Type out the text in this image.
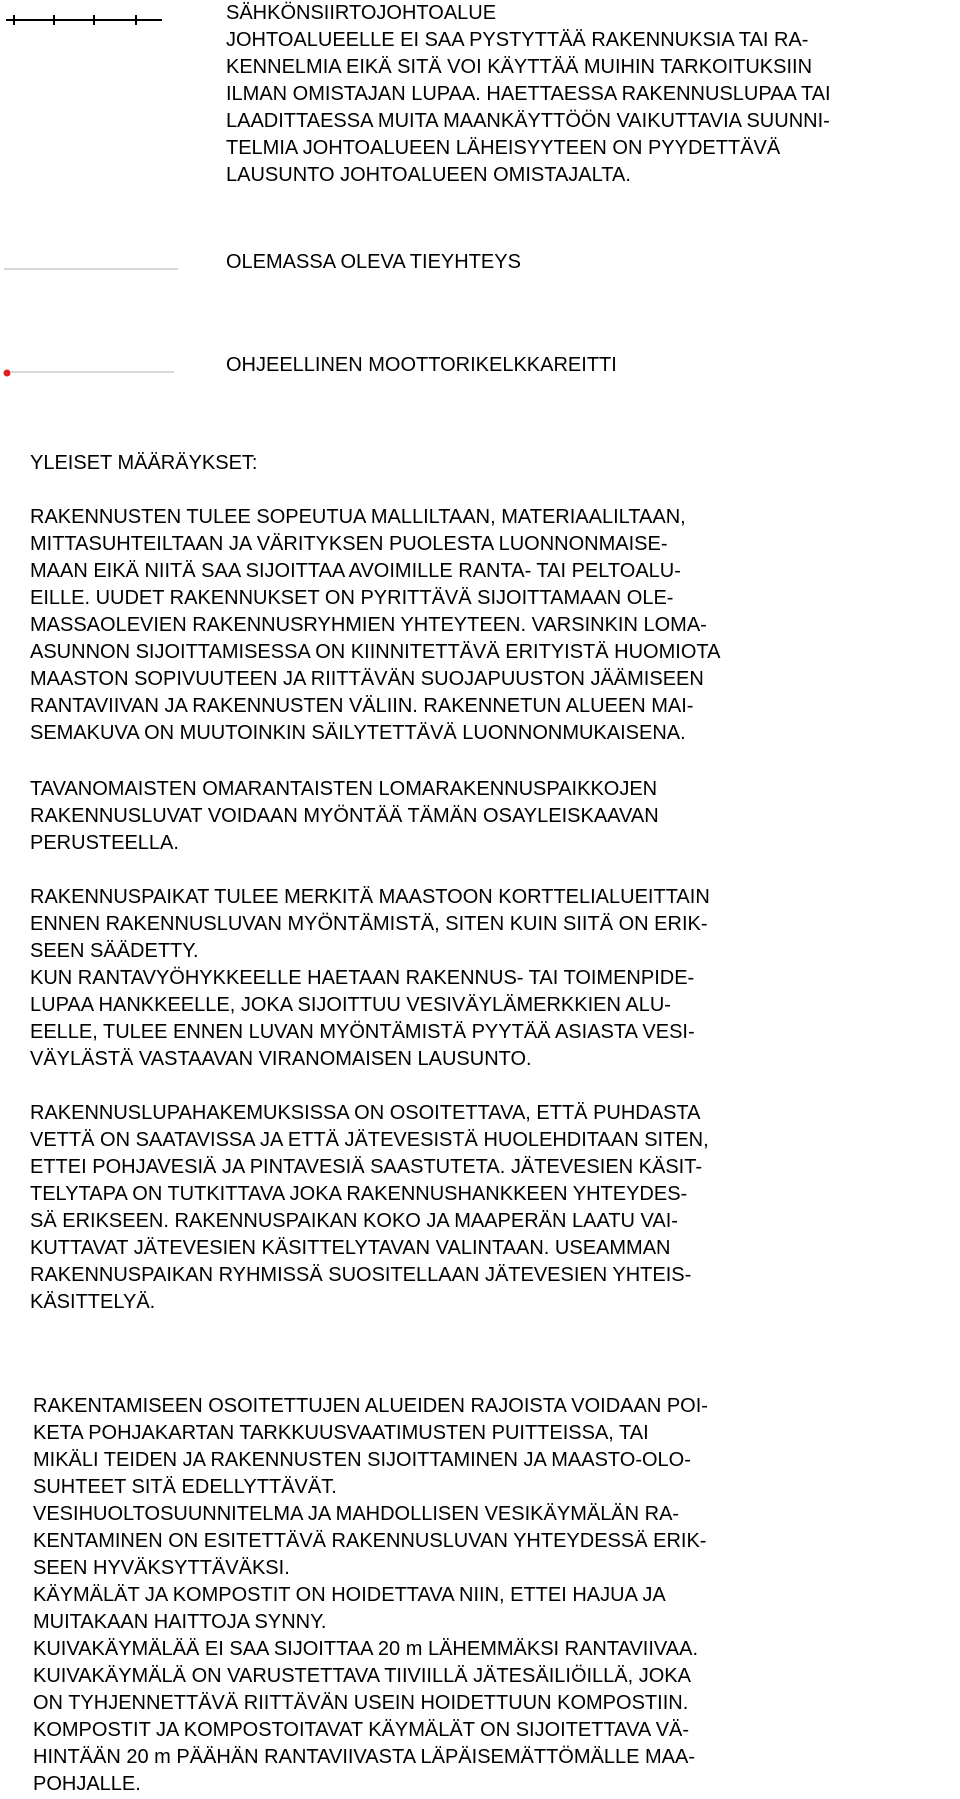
SÄHKÖNSIIRTOJOHTOALUE
JOHTOALUEELLE EI SAA PYSTYTTÄÄ RAKENNUKSIA TAI RA-
KENNELMIA EIKÄ SITÄ VOI KÄYTTÄÄ MUIHIN TARKOITUKSIIN
ILMAN OMISTAJAN LUPAA. HAETTAESSA RAKENNUSLUPAA TAI
LAADITTAESSA MUITA MAANKÄYTTÖÖN VAIKUTTAVIA SUUNNI-
TELMIA JOHTOALUEEN LÄHEISYYTEEN ON PYYDETTÄVÄ
LAUSUNTO JOHTOALUEEN OMISTAJALTA.
OLEMASSA OLEVA TIEYHTEYS
OHJEELLINEN MOOTTORIKELKKAREITTI
YLEISET MÄÄRÄYKSET:
RAKENNUSTEN TULEE SOPEUTUA MALLILTAAN, MATERIAALILTAAN,
MITTASUHTEILTAAN JA VÄRITYKSEN PUOLESTA LUONNONMAISE-
MAAN EIKÄ NIITÄ SAA SIJOITTAA AVOIMILLE RANTA- TAI PELTOALU-
EILLE. UUDET RAKENNUKSET ON PYRITTÄVÄ SIJOITTAMAAN OLE-
MASSAOLEVIEN RAKENNUSRYHMIEN YHTEYTEEN. VARSINKIN LOMA-
ASUNNON SIJOITTAMISESSA ON KIINNITETTÄVÄ ERITYISTÄ HUOMIOTA
MAASTON SOPIVUUTEEN JA RIITTÄVÄN SUOJAPUUSTON JÄÄMISEEN
RANTAVIIVAN JA RAKENNUSTEN VÄLIIN. RAKENNETUN ALUEEN MAI-
SEMAKUVA ON MUUTOINKIN SÄILYTETTÄVÄ LUONNONMUKAISENA.
TAVANOMAISTEN OMARANTAISTEN LOMARAKENNUSPAIKKOJEN
RAKENNUSLUVAT VOIDAAN MYÖNTÄÄ TÄMÄN OSAYLEISKAAVAN
PERUSTEELLA.
RAKENNUSPAIKAT TULEE MERKITÄ MAASTOON KORTTELIALUEITTAIN
ENNEN RAKENNUSLUVAN MYÖNTÄMISTÄ, SITEN KUIN SIITÄ ON ERIK-
SEEN SÄÄDETTY.
KUN RANTAVYÖHYKKEELLE HAETAAN RAKENNUS- TAI TOIMENPIDE-
LUPAA HANKKEELLE, JOKA SIJOITTUU VESIVÄYLÄMERKKIEN ALU-
EELLE, TULEE ENNEN LUVAN MYÖNTÄMISTÄ PYYTÄÄ ASIASTA VESI-
VÄYLÄSTÄ VASTAAVAN VIRANOMAISEN LAUSUNTO.
RAKENNUSLUPAHAKEMUKSISSA ON OSOITETTAVA, ETTÄ PUHDASTA
VETTÄ ON SAATAVISSA JA ETTÄ JÄTEVESISTÄ HUOLEHDITAAN SITEN,
ETTEI POHJAVESIÄ JA PINTAVESIÄ SAASTUTETA. JÄTEVESIEN KÄSIT-
TELYTAPA ON TUTKITTAVA JOKA RAKENNUSHANKKEEN YHTEYDES-
SÄ ERIKSEEN. RAKENNUSPAIKAN KOKO JA MAAPERÄN LAATU VAI-
KUTTAVAT JÄTEVESIEN KÄSITTELYTAVAN VALINTAAN. USEAMMAN
RAKENNUSPAIKAN RYHMISSÄ SUOSITELLAAN JÄTEVESIEN YHTEIS-
KÄSITTELYÄ.
RAKENTAMISEEN OSOITETTUJEN ALUEIDEN RAJOISTA VOIDAAN POI-
KETA POHJAKARTAN TARKKUUSVAATIMUSTEN PUITTEISSA, TAI
MIKÄLI TEIDEN JA RAKENNUSTEN SIJOITTAMINEN JA MAASTO-OLO-
SUHTEET SITÄ EDELLYTTÄVÄT.
VESIHUOLTOSUUNNITELMA JA MAHDOLLISEN VESIKÄYMÄLÄN RA-
KENTAMINEN ON ESITETTÄVÄ RAKENNUSLUVAN YHTEYDESSÄ ERIK-
SEEN HYVÄKSYTTÄVÄKSI.
KÄYMÄLÄT JA KOMPOSTIT ON HOIDETTAVA NIIN, ETTEI HAJUA JA
MUITAKAAN HAITTOJA SYNNY.
KUIVAKÄYMÄLÄÄ EI SAA SIJOITTAA 20 m LÄHEMMÄKSI RANTAVIIVAA.
KUIVAKÄYMÄLÄ ON VARUSTETTAVA TIIVIILLÄ JÄTESÄILIÖILLÄ, JOKA
ON TYHJENNETTÄVÄ RIITTÄVÄN USEIN HOIDETTUUN KOMPOSTIIN.
KOMPOSTIT JA KOMPOSTOITAVAT KÄYMÄLÄT ON SIJOITETTAVA VÄ-
HINTÄÄN 20 m PÄÄHÄN RANTAVIIVASTA LÄPÄISEMÄTTÖMÄLLE MAA-
POHJALLE.
